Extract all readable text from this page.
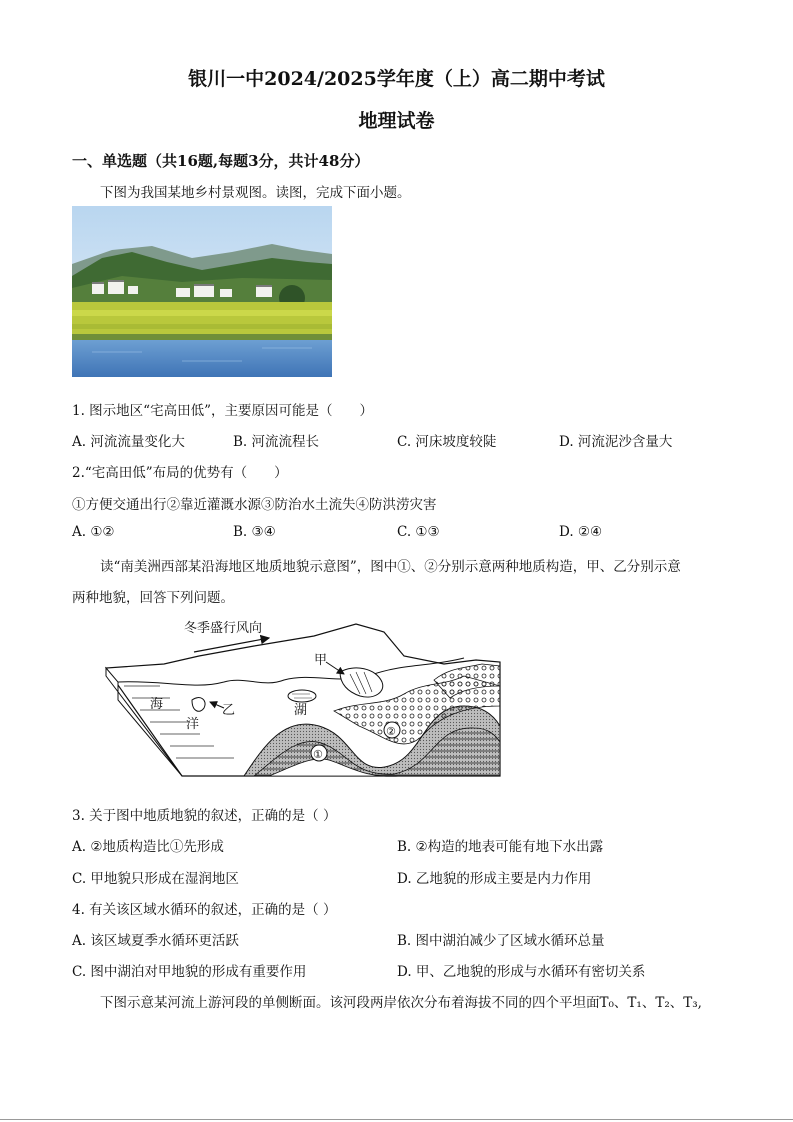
银川一中2024/2025学年度（上）高二期中考试
地理试卷
一、单选题（共16题,每题3分，共计48分）
下图为我国某地乡村景观图。读图，完成下面小题。
1. 图示地区“宅高田低”，主要原因可能是（　　）
A. 河流流量变化大	B. 河流流程长	C. 河床坡度较陡	D. 河流泥沙含量大
2.“宅高田低”布局的优势有（　　）
①方便交通出行②靠近灌溉水源③防治水土流失④防洪涝灾害
A. ①②	B. ③④	C. ①③	D. ②④
读“南美洲西部某沿海地区地质地貌示意图”，图中①、②分别示意两种地质构造，甲、乙分别示意
两种地貌，回答下列问题。
冬季盛行风向
甲
乙
海
洋
湖
①
②
3. 关于图中地质地貌的叙述，正确的是（ ）
A. ②地质构造比①先形成	B. ②构造的地表可能有地下水出露
C. 甲地貌只形成在湿润地区	D. 乙地貌的形成主要是内力作用
4. 有关该区域水循环的叙述，正确的是（ ）
A. 该区域夏季水循环更活跃	B. 图中湖泊减少了区域水循环总量
C. 图中湖泊对甲地貌的形成有重要作用	D. 甲、乙地貌的形成与水循环有密切关系
下图示意某河流上游河段的单侧断面。该河段两岸依次分布着海拔不同的四个平坦面T₀、T₁、T₂、T₃,
